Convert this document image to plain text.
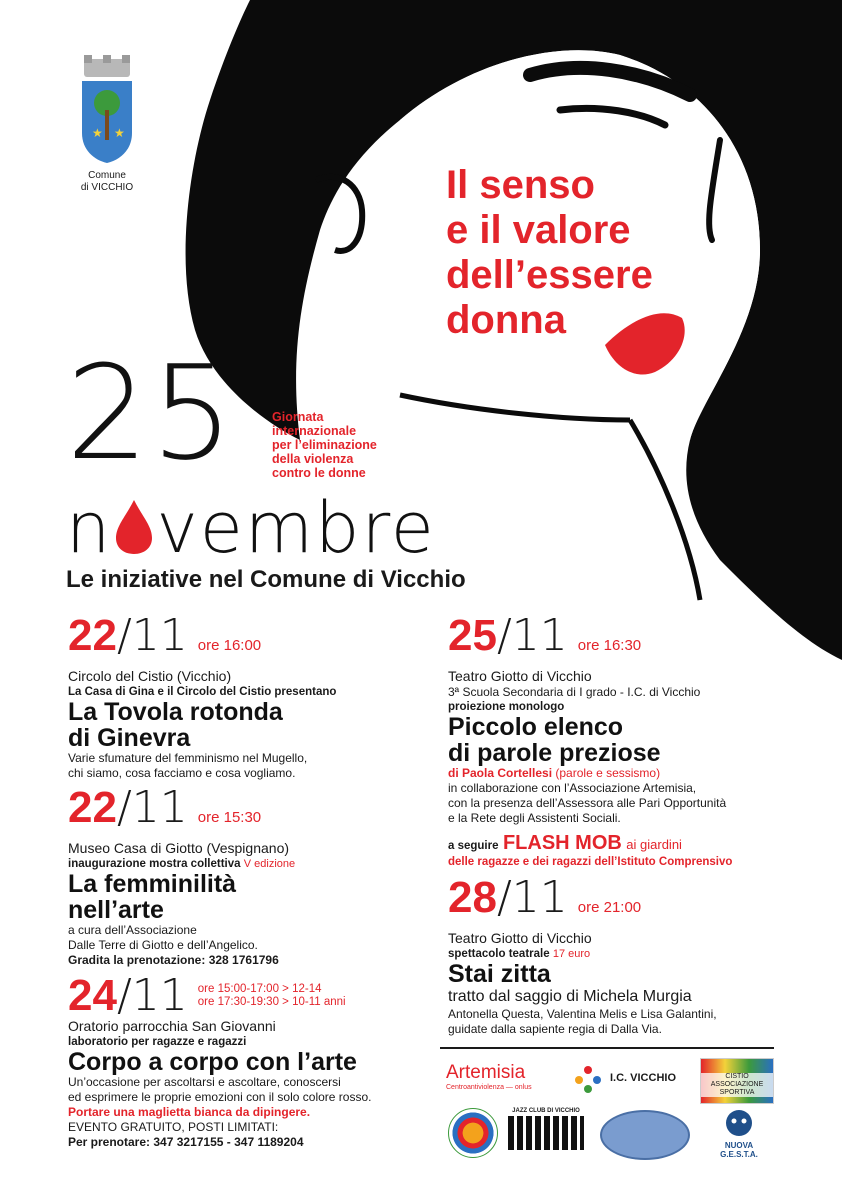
★ ★
Comune
di VICCHIO	Il senso
e il valore
dell’essere
donna
25	Giornata
internazionale
per l’eliminazione
della violenza
contro le donne
n vembre
Le iniziative nel Comune di Vicchio
22/11 ore 16:00
Circolo del Cistio (Vicchio)
La Casa di Gina e il Circolo del Cistio presentano
La Tovola rotonda
di Ginevra
Varie sfumature del femminismo nel Mugello,
chi siamo, cosa facciamo e cosa vogliamo.
22/11 ore 15:30
Museo Casa di Giotto (Vespignano)
inaugurazione mostra collettiva V edizione
La femminilità
nell’arte
a cura dell’Associazione
Dalle Terre di Giotto e dell’Angelico.
Gradita la prenotazione: 328 1761796
24 /11 ore 15:00-17:00 > 12-14
ore 17:30-19:30 > 10-11 anni
Oratorio parrocchia San Giovanni
laboratorio per ragazze e ragazzi
Corpo a corpo con l’arte
Un’occasione per ascoltarsi e ascoltare, conoscersi
ed esprimere le proprie emozioni con il solo colore rosso.
Portare una maglietta bianca da dipingere.
EVENTO GRATUITO, POSTI LIMITATI:
Per prenotare: 347 3217155 - 347 1189204
25/11 ore 16:30
Teatro Giotto di Vicchio
3ª Scuola Secondaria di I grado - I.C. di Vicchio
proiezione monologo
Piccolo elenco
di parole preziose
di Paola Cortellesi (parole e sessismo)
in collaborazione con l’Associazione Artemisia,
con la presenza dell’Assessora alle Pari Opportunità
e la Rete degli Assistenti Sociali.
a seguire FLASH MOB ai giardini
delle ragazze e dei ragazzi dell’Istituto Comprensivo
28/11 ore 21:00
Teatro Giotto di Vicchio
spettacolo teatrale 17 euro
Stai zitta
tratto dal saggio di Michela Murgia
Antonella Questa, Valentina Melis e Lisa Galantini,
guidate dalla sapiente regia di Dalla Via.
Artemisia
Centroantiviolenza — onlus
I.C. VICCHIO	CISTIO
ASSOCIAZIONE
SPORTIVA
JAZZ CLUB DI VICCHIO
NUOVA G.E.S.T.A.
